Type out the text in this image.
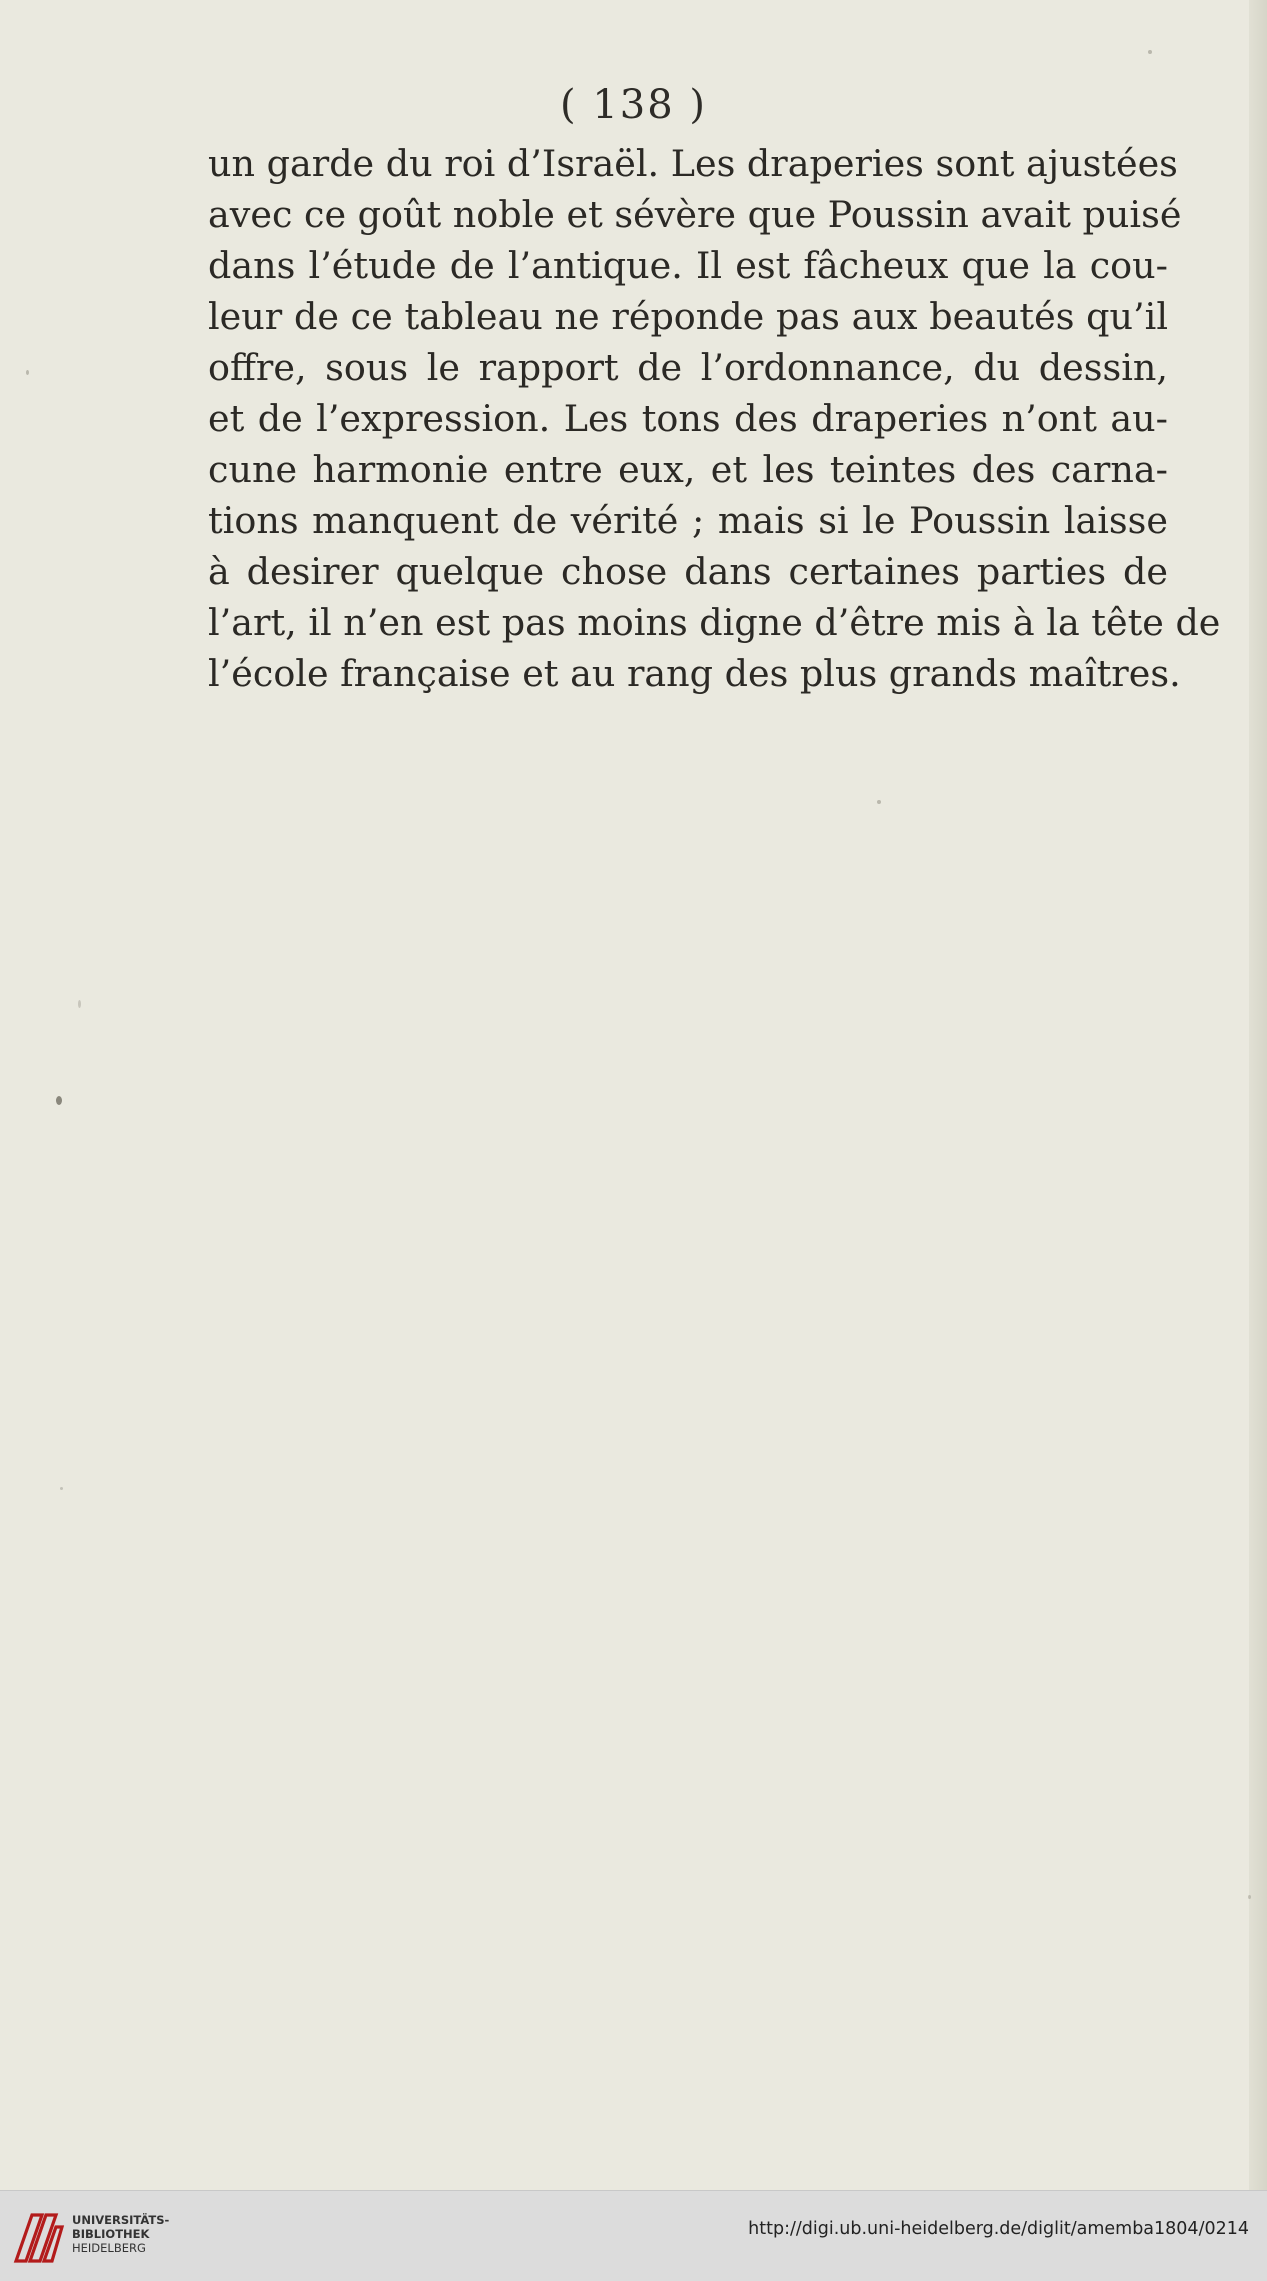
( 138 )
un garde du roi d’Israël. Les draperies sont ajustées
avec ce goût noble et sévère que Poussin avait puisé
dans l’étude de l’antique. Il est fâcheux que la cou-
leur de ce tableau ne réponde pas aux beautés qu’il
offre, sous le rapport de l’ordonnance, du dessin,
et de l’expression. Les tons des draperies n’ont au-
cune harmonie entre eux, et les teintes des carna-
tions manquent de vérité ; mais si le Poussin laisse
à desirer quelque chose dans certaines parties de
l’art, il n’en est pas moins digne d’être mis à la tête de
l’école française et au rang des plus grands maîtres.
UNIVERSITÄTS-
BIBLIOTHEK
HEIDELBERG
http://digi.ub.uni-heidelberg.de/diglit/amemba1804/0214
